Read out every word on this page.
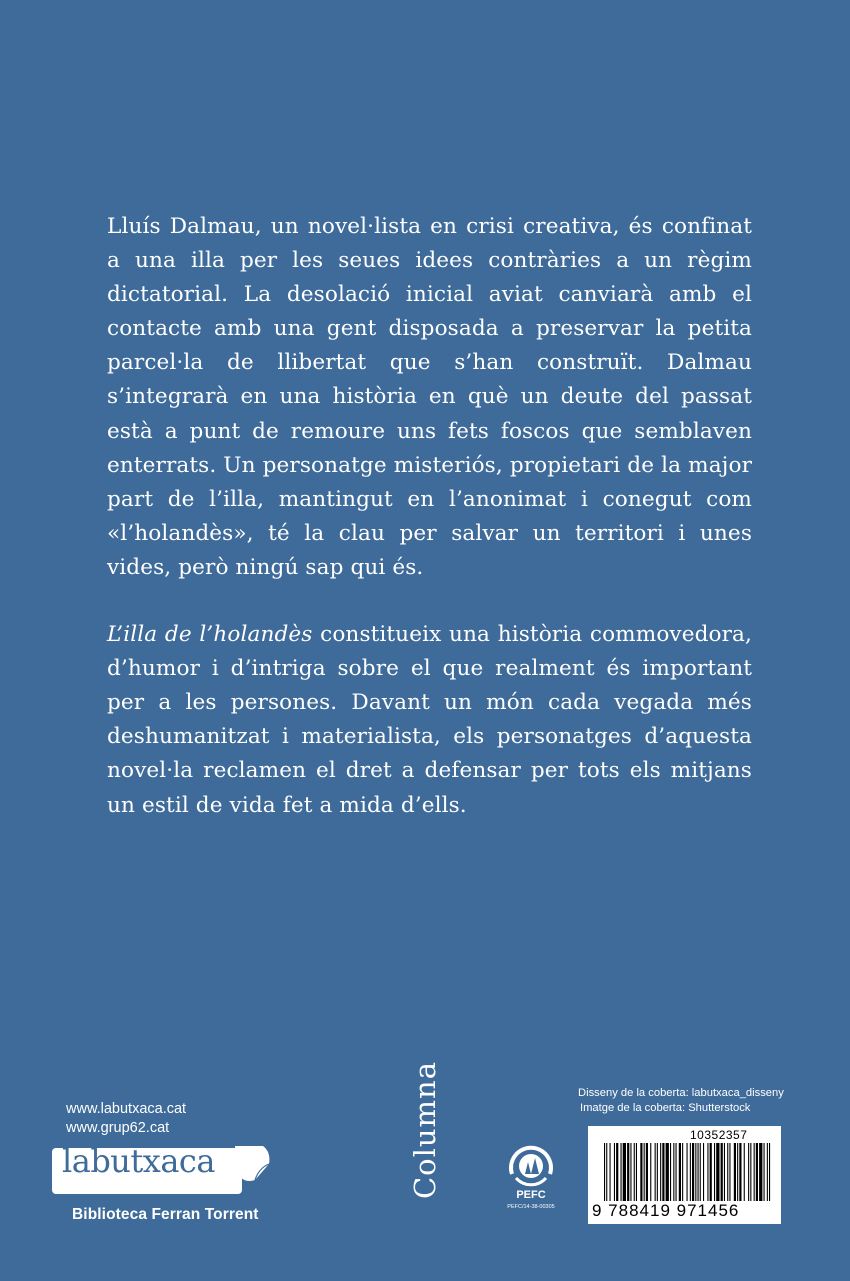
Lluís Dalmau, un novel·lista en crisi creativa, és confinat a una illa per les seues idees contràries a un règim dictatorial. La desolació inicial aviat canviarà amb el contacte amb una gent disposada a preservar la petita parcel·la de llibertat que s’han construït. Dalmau s’integrarà en una història en què un deute del passat està a punt de remoure uns fets foscos que semblaven enterrats. Un personatge misteriós, propietari de la major part de l’illa, mantingut en l’anonimat i conegut com «l’holandès», té la clau per salvar un territori i unes vides, però ningú sap qui és.

L’illa de l’holandès constitueix una història commovedora, d’humor i d’intriga sobre el que realment és important per a les persones. Davant un món cada vegada més deshumanitzat i materialista, els personatges d’aquesta novel·la reclamen el dret a defensar per tots els mitjans un estil de vida fet a mida d’ells.

www.labutxaca.cat
www.grup62.cat
labutxaca
Biblioteca Ferran Torrent
Columna	PEFC
PEFC/14-38-00305
Disseny de la coberta: labutxaca_disseny
Imatge de la coberta: Shutterstock
10352357
9 788419 971456
